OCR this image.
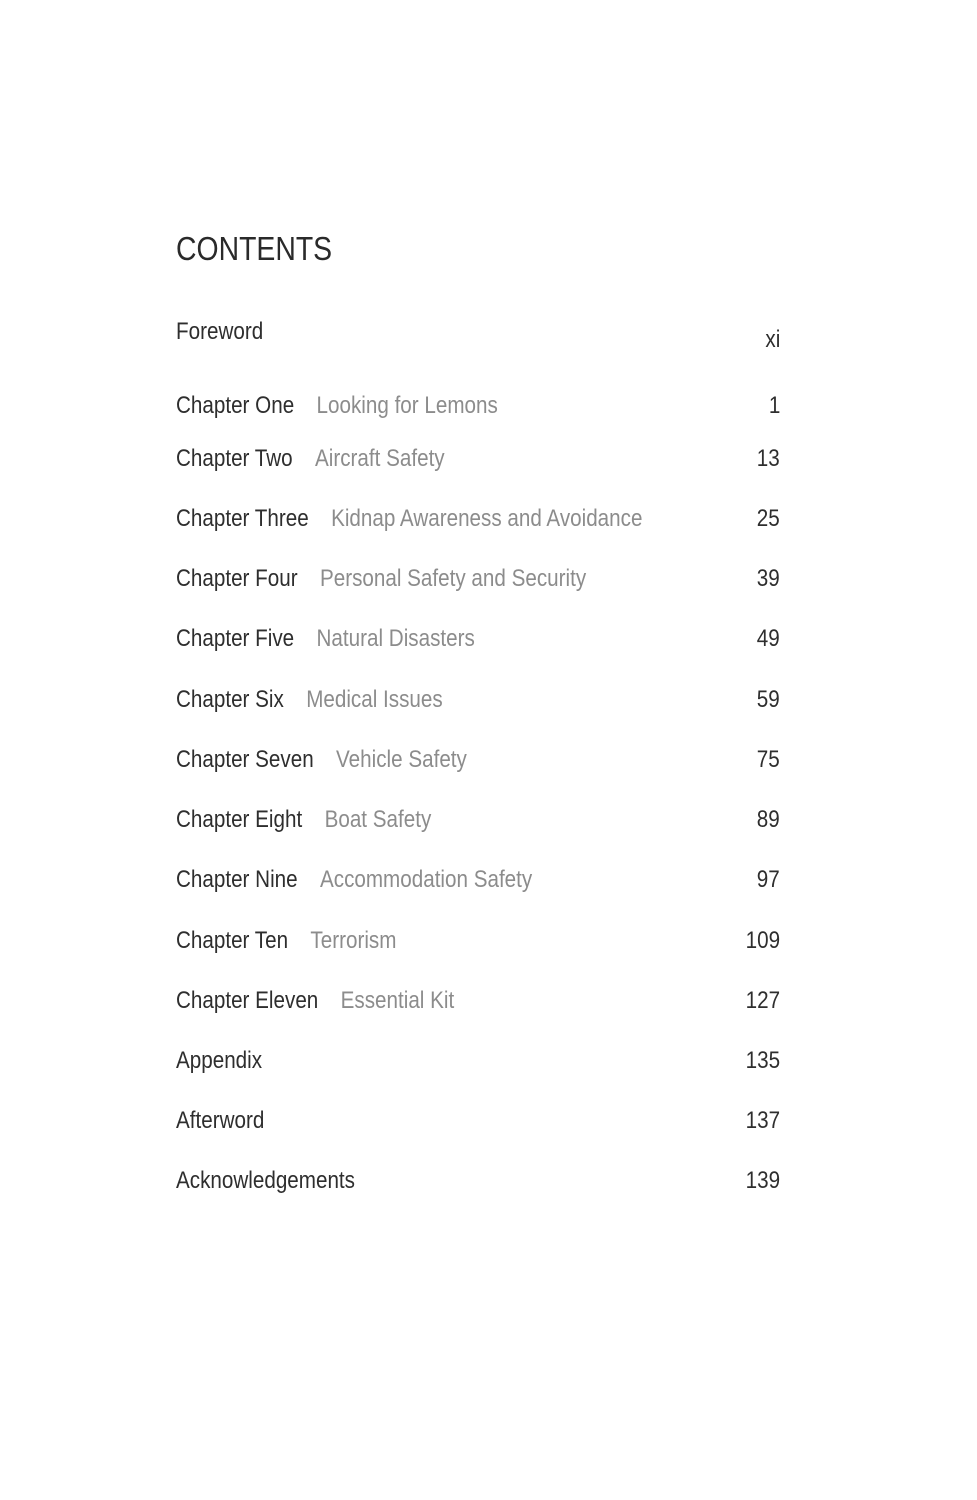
CONTENTS
Foreword	xi
Chapter One Looking for Lemons	1
Chapter Two Aircraft Safety	13
Chapter Three Kidnap Awareness and Avoidance	25
Chapter Four Personal Safety and Security	39
Chapter Five Natural Disasters	49
Chapter Six Medical Issues	59
Chapter Seven Vehicle Safety	75
Chapter Eight Boat Safety	89
Chapter Nine Accommodation Safety	97
Chapter Ten Terrorism	109
Chapter Eleven Essential Kit	127
Appendix	135
Afterword	137
Acknowledgements	139
